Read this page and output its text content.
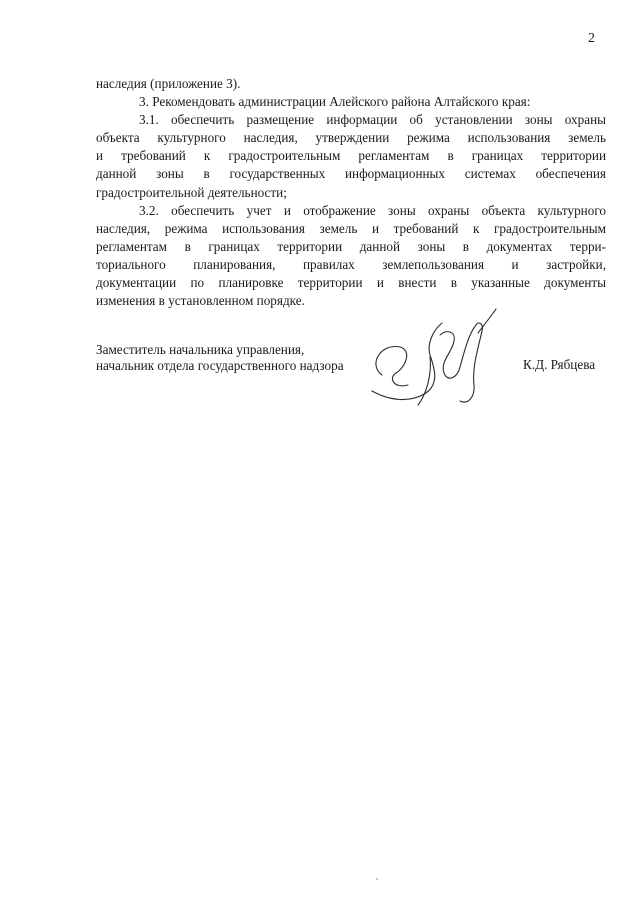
2
наследия (приложение 3).
3. Рекомендовать администрации Алейского района Алтайского края:
3.1. обеспечить размещение информации об установлении зоны охраны
объекта культурного наследия, утверждении режима использования земель
и требований к градостроительным регламентам в границах территории
данной зоны в государственных информационных системах обеспечения
градостроительной деятельности;
3.2. обеспечить учет и отображение зоны охраны объекта культурного
наследия, режима использования земель и требований к градостроительным
регламентам в границах территории данной зоны в документах терри-
ториального планирования, правилах землепользования и застройки,
документации по планировке территории и внести в указанные документы
изменения в установленном порядке.
Заместитель начальника управления,
начальник отдела государственного надзора	К.Д. Рябцева
